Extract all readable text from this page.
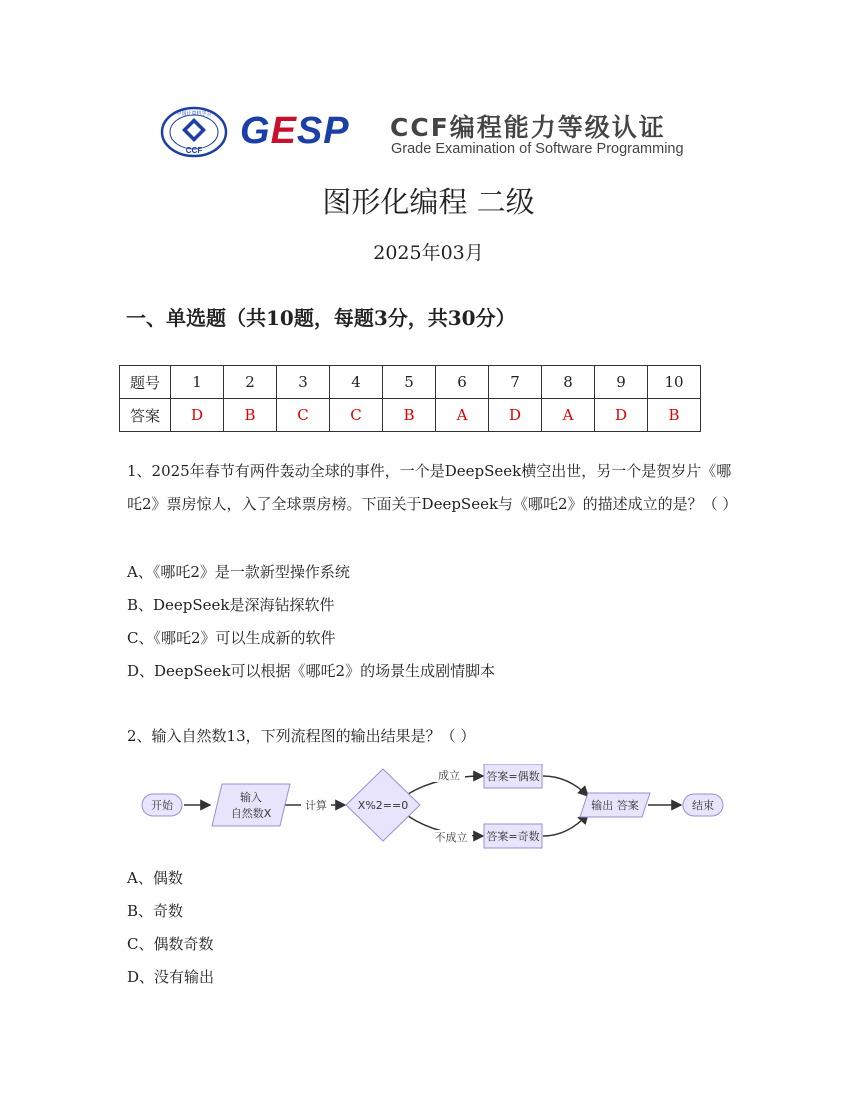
中国计算机学会
CCF GESP CCF编程能力等级认证
Grade Examination of Software Programming
图形化编程 二级
2025年03月
一、单选题（共10题，每题3分，共30分）
题号	1	2	3	4	5	6	7	8	9	10
答案	D	B	C	C	B	A	D	A	D	B
1、2025年春节有两件轰动全球的事件，一个是DeepSeek横空出世，另一个是贺岁片《哪吒2》票房惊人，入了全球票房榜。下面关于DeepSeek与《哪吒2》的描述成立的是？（ ）
A、《哪吒2》是一款新型操作系统
B、DeepSeek是深海钻探软件
C、《哪吒2》可以生成新的软件
D、DeepSeek可以根据《哪吒2》的场景生成剧情脚本
2、输入自然数13，下列流程图的输出结果是？（ ）
开始
输入
自然数X
计算	X%2==0
成立
不成立
答案=偶数
答案=奇数
输出 答案	结束
A、偶数
B、奇数
C、偶数奇数
D、没有输出
